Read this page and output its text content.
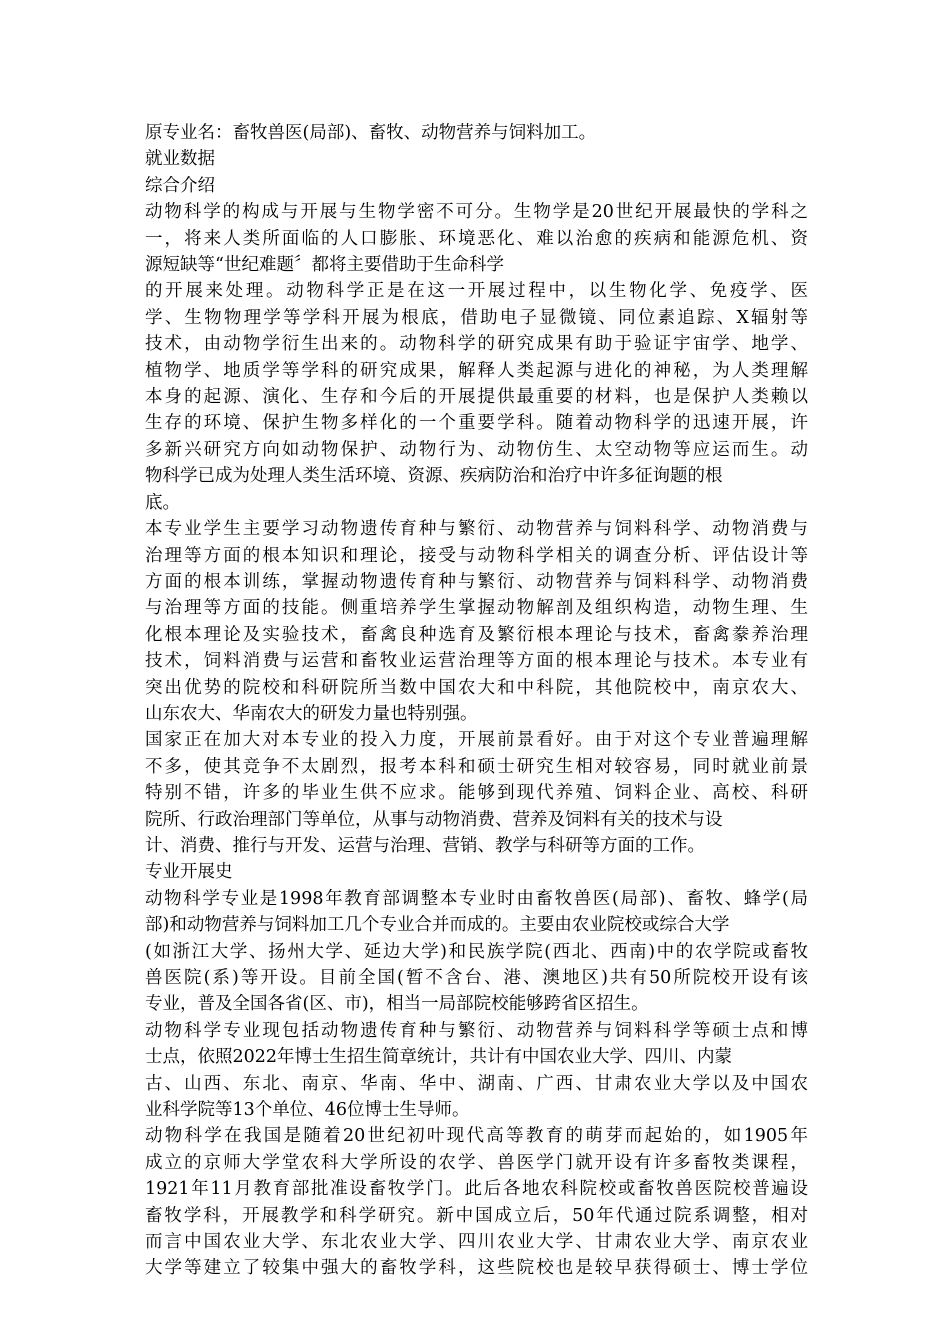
原专业名：畜牧兽医(局部)、畜牧、动物营养与饲料加工。
就业数据
综合介绍
动物科学的构成与开展与生物学密不可分。生物学是20世纪开展最快的学科之
一，将来人类所面临的人口膨胀、环境恶化、难以治愈的疾病和能源危机、资
源短缺等“世纪难题〞都将主要借助于生命科学
的开展来处理。动物科学正是在这一开展过程中，以生物化学、免疫学、医
学、生物物理学等学科开展为根底，借助电子显微镜、同位素追踪、X辐射等
技术，由动物学衍生出来的。动物科学的研究成果有助于验证宇宙学、地学、
植物学、地质学等学科的研究成果，解释人类起源与进化的神秘，为人类理解
本身的起源、演化、生存和今后的开展提供最重要的材料，也是保护人类赖以
生存的环境、保护生物多样化的一个重要学科。随着动物科学的迅速开展，许
多新兴研究方向如动物保护、动物行为、动物仿生、太空动物等应运而生。动
物科学已成为处理人类生活环境、资源、疾病防治和治疗中许多征询题的根
底。
本专业学生主要学习动物遗传育种与繁衍、动物营养与饲料科学、动物消费与
治理等方面的根本知识和理论，接受与动物科学相关的调查分析、评估设计等
方面的根本训练，掌握动物遗传育种与繁衍、动物营养与饲料科学、动物消费
与治理等方面的技能。侧重培养学生掌握动物解剖及组织构造，动物生理、生
化根本理论及实验技术，畜禽良种选育及繁衍根本理论与技术，畜禽豢养治理
技术，饲料消费与运营和畜牧业运营治理等方面的根本理论与技术。本专业有
突出优势的院校和科研院所当数中国农大和中科院，其他院校中，南京农大、
山东农大、华南农大的研发力量也特别强。
国家正在加大对本专业的投入力度，开展前景看好。由于对这个专业普遍理解
不多，使其竞争不太剧烈，报考本科和硕士研究生相对较容易，同时就业前景
特别不错，许多的毕业生供不应求。能够到现代养殖、饲料企业、高校、科研
院所、行政治理部门等单位，从事与动物消费、营养及饲料有关的技术与设
计、消费、推行与开发、运营与治理、营销、教学与科研等方面的工作。
专业开展史
动物科学专业是1998年教育部调整本专业时由畜牧兽医(局部)、畜牧、蜂学(局
部)和动物营养与饲料加工几个专业合并而成的。主要由农业院校或综合大学
(如浙江大学、扬州大学、延边大学)和民族学院(西北、西南)中的农学院或畜牧
兽医院(系)等开设。目前全国(暂不含台、港、澳地区)共有50所院校开设有该
专业，普及全国各省(区、市)，相当一局部院校能够跨省区招生。
动物科学专业现包括动物遗传育种与繁衍、动物营养与饲料科学等硕士点和博
士点，依照2022年博士生招生简章统计，共计有中国农业大学、四川、内蒙
古、山西、东北、南京、华南、华中、湖南、广西、甘肃农业大学以及中国农
业科学院等13个单位、46位博士生导师。
动物科学在我国是随着20世纪初叶现代高等教育的萌芽而起始的，如1905年
成立的京师大学堂农科大学所设的农学、兽医学门就开设有许多畜牧类课程，
1921年11月教育部批准设畜牧学门。此后各地农科院校或畜牧兽医院校普遍设
畜牧学科，开展教学和科学研究。新中国成立后，50年代通过院系调整，相对
而言中国农业大学、东北农业大学、四川农业大学、甘肃农业大学、南京农业
大学等建立了较集中强大的畜牧学科，这些院校也是较早获得硕士、博士学位
